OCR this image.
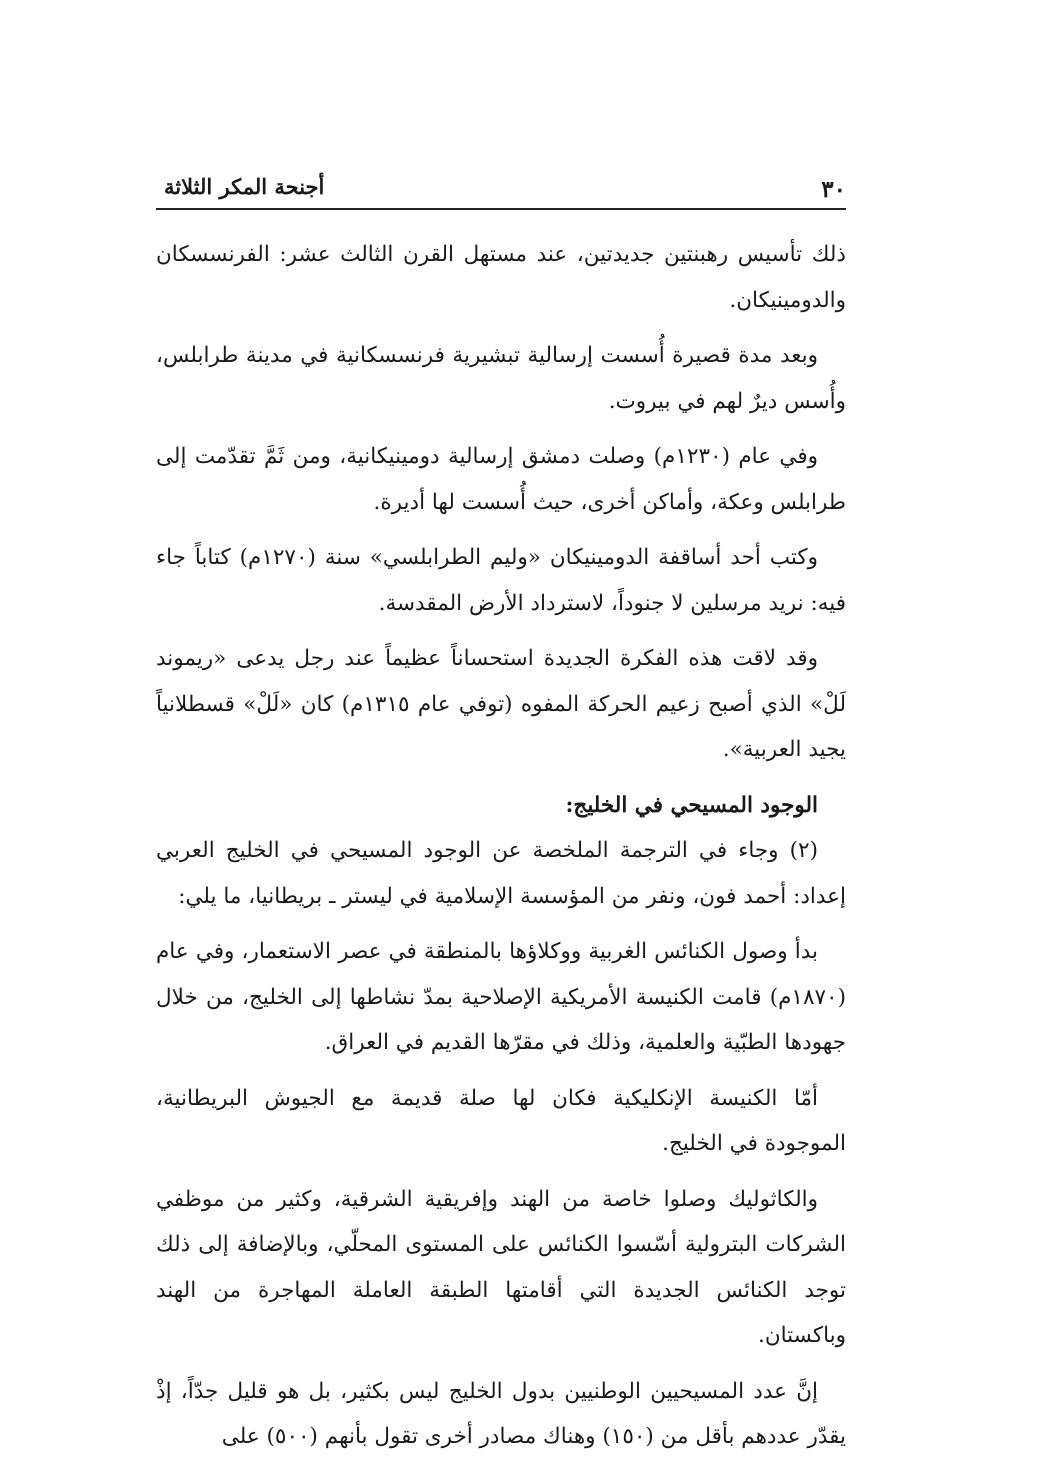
٣٠
أجنحة المكر الثلاثة

ذلك تأسيس رهبنتين جديدتين، عند مستهل القرن الثالث عشر: الفرنسسكان والدومينيكان.

وبعد مدة قصيرة أُسست إرسالية تبشيرية فرنسسكانية في مدينة طرابلس، وأُسس ديرٌ لهم في بيروت.

وفي عام (١٢٣٠م) وصلت دمشق إرسالية دومينيكانية، ومن ثَمَّ تقدّمت إلى طرابلس وعكة، وأماكن أخرى، حيث أُسست لها أديرة.

وكتب أحد أساقفة الدومينيكان «وليم الطرابلسي» سنة (١٢٧٠م) كتاباً جاء فيه: نريد مرسلين لا جنوداً، لاسترداد الأرض المقدسة.

وقد لاقت هذه الفكرة الجديدة استحساناً عظيماً عند رجل يدعى «ريموند لَلْ» الذي أصبح زعيم الحركة المفوه (توفي عام ١٣١٥م) كان «لَلْ» قسطلانياً يجيد العربية».

الوجود المسيحي في الخليج:

(٢) وجاء في الترجمة الملخصة عن الوجود المسيحي في الخليج العربي إعداد: أحمد فون، ونفر من المؤسسة الإسلامية في ليستر ـ بريطانيا، ما يلي:

بدأ وصول الكنائس الغربية ووكلاؤها بالمنطقة في عصر الاستعمار، وفي عام (١٨٧٠م) قامت الكنيسة الأمريكية الإصلاحية بمدّ نشاطها إلى الخليج، من خلال جهودها الطبّية والعلمية، وذلك في مقرّها القديم في العراق.

أمّا الكنيسة الإنكليكية فكان لها صلة قديمة مع الجيوش البريطانية، الموجودة في الخليج.

والكاثوليك وصلوا خاصة من الهند وإفريقية الشرقية، وكثير من موظفي الشركات البترولية أسّسوا الكنائس على المستوى المحلّي، وبالإضافة إلى ذلك توجد الكنائس الجديدة التي أقامتها الطبقة العاملة المهاجرة من الهند وباكستان.

إنَّ عدد المسيحيين الوطنيين بدول الخليج ليس بكثير، بل هو قليل جدّاً، إذْ يقدّر عددهم بأقل من (١٥٠) وهناك مصادر أخرى تقول بأنهم (٥٠٠) على
